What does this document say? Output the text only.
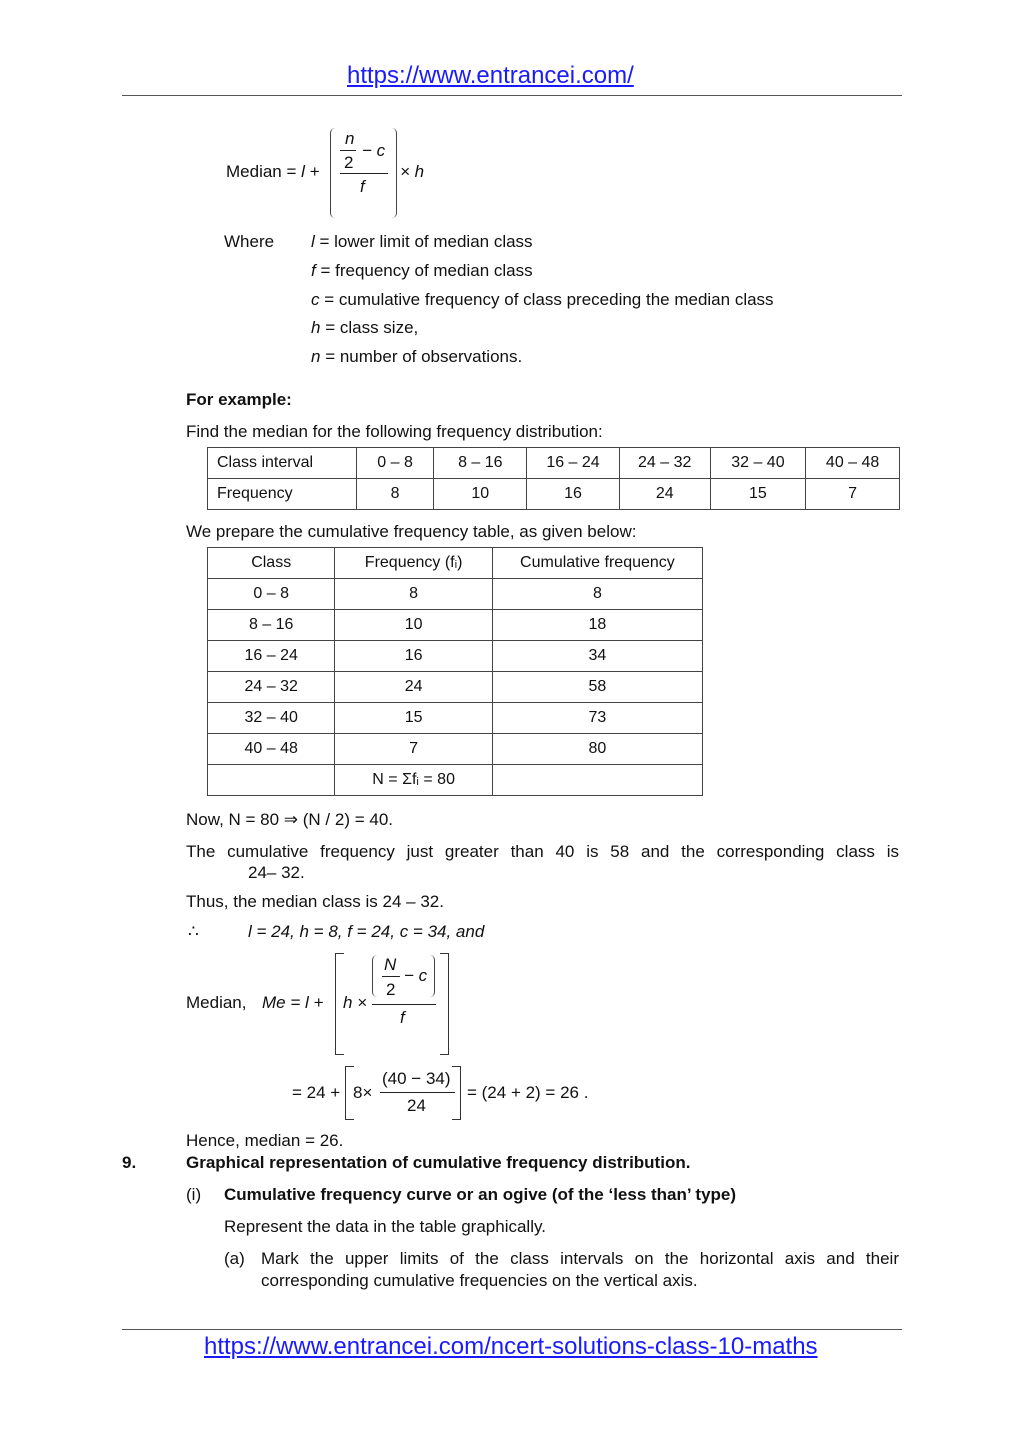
https://www.entrancei.com/
Median = l +
n
2
− c
f
× h
Where l = lower limit of median class
f = frequency of median class
c = cumulative frequency of class preceding the median class
h = class size,
n = number of observations.
For example:
Find the median for the following frequency distribution:
Class interval	0 – 8	8 – 16	16 – 24	24 – 32	32 – 40	40 – 48
Frequency	8	10	16	24	15	7
We prepare the cumulative frequency table, as given below:
Class	Frequency (fᵢ)	Cumulative frequency
0 – 8	8	8
8 – 16	10	18
16 – 24	16	34
24 – 32	24	58
32 – 40	15	73
40 – 48	7	80
	N = Σfᵢ = 80	
Now, N = 80 ⇒ (N / 2) = 40.
The cumulative frequency just greater than 40 is 58 and the corresponding class is
24– 32.
Thus, the median class is 24 – 32.
∴	l = 24, h = 8, f = 24, c = 34, and
Median, Me = l + h ×
N
2
− c
f
= 24 + 8×
(40 − 34)
24
= (24 + 2) = 26 .
Hence, median = 26.
9.	Graphical representation of cumulative frequency distribution.
(i) Cumulative frequency curve or an ogive (of the ‘less than’ type)
Represent the data in the table graphically.
(a) Mark the upper limits of the class intervals on the horizontal axis and their
corresponding cumulative frequencies on the vertical axis.
https://www.entrancei.com/ncert-solutions-class-10-maths
